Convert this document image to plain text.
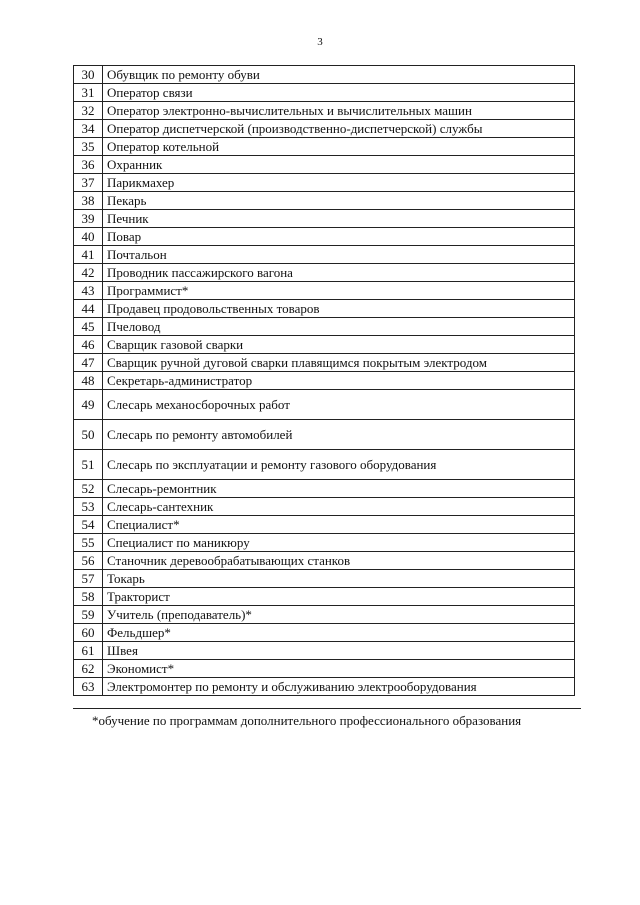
3
30	Обувщик по ремонту обуви
31	Оператор связи
32	Оператор электронно-вычислительных и вычислительных машин
34	Оператор диспетчерской (производственно-диспетчерской) службы
35	Оператор котельной
36	Охранник
37	Парикмахер
38	Пекарь
39	Печник
40	Повар
41	Почтальон
42	Проводник пассажирского вагона
43	Программист*
44	Продавец продовольственных товаров
45	Пчеловод
46	Сварщик газовой сварки
47	Сварщик ручной дуговой сварки плавящимся покрытым электродом
48	Секретарь-администратор
49	Слесарь механосборочных работ
50	Слесарь по ремонту автомобилей
51	Слесарь по эксплуатации и ремонту газового оборудования
52	Слесарь-ремонтник
53	Слесарь-сантехник
54	Специалист*
55	Специалист по маникюру
56	Станочник деревообрабатывающих станков
57	Токарь
58	Тракторист
59	Учитель (преподаватель)*
60	Фельдшер*
61	Швея
62	Экономист*
63	Электромонтер по ремонту и обслуживанию электрооборудования
*обучение по программам дополнительного профессионального образования
